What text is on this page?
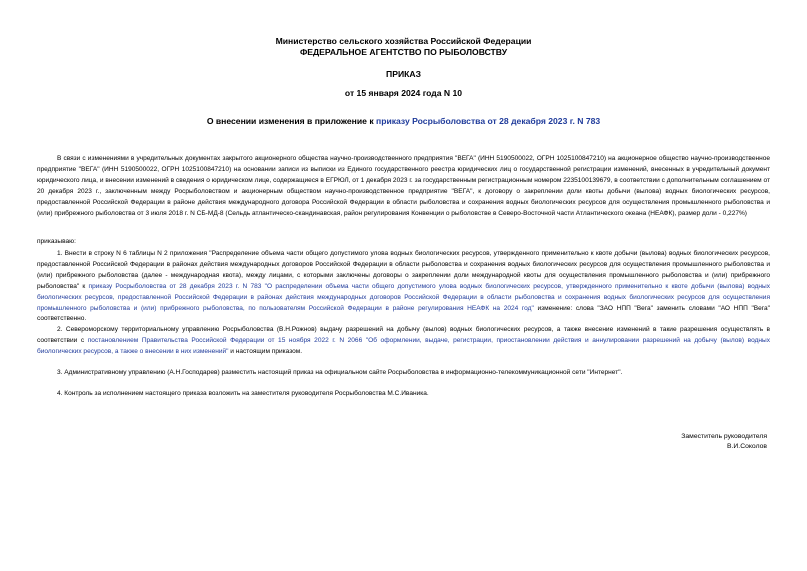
Министерство сельского хозяйства Российской Федерации
ФЕДЕРАЛЬНОЕ АГЕНТСТВО ПО РЫБОЛОВСТВУ
ПРИКАЗ
от 15 января 2024 года N 10
О внесении изменения в приложение к приказу Росрыболовства от 28 декабря 2023 г. N 783
В связи с изменениями в учредительных документах закрытого акционерного общества научно-производственного предприятия "ВЕГА" (ИНН 5190500022, ОГРН 1025100847210) на акционерное общество научно-производственное предприятие "ВЕГА" (ИНН 5190500022, ОГРН 1025100847210) на основании записи из выписки из Единого государственного реестра юридических лиц о государственной регистрации изменений, внесенных в учредительный документ юридического лица, и внесении изменений в сведения о юридическом лице, содержащиеся в ЕГРЮЛ, от 1 декабря 2023 г. за государственным регистрационным номером 2235100139679, в соответствии с дополнительным соглашением от 20 декабря 2023 г., заключенным между Росрыболовством и акционерным обществом научно-производственное предприятие "ВЕГА", к договору о закреплении доли квоты добычи (вылова) водных биологических ресурсов, предоставленной Российской Федерации в районе действия международного договора Российской Федерации в области рыболовства и сохранения водных биологических ресурсов для осуществления промышленного рыболовства и (или) прибрежного рыболовства от 3 июля 2018 г. N СБ-МД-8 (Сельдь атлантическо-скандинавская, район регулирования Конвенции о рыболовстве в Северо-Восточной части Атлантического океана (НЕАФК), размер доли - 0,227%)
приказываю:
1. Внести в строку N 6 таблицы N 2 приложения "Распределение объема части общего допустимого улова водных биологических ресурсов, утвержденного применительно к квоте добычи (вылова) водных биологических ресурсов, предоставленной Российской Федерации в районах действия международных договоров Российской Федерации в области рыболовства и сохранения водных биологических ресурсов для осуществления промышленного рыболовства и (или) прибрежного рыболовства (далее - международная квота), между лицами, с которыми заключены договоры о закреплении доли международной квоты для осуществления промышленного рыболовства и (или) прибрежного рыболовства" к приказу Росрыболовства от 28 декабря 2023 г. N 783 "О распределении объема части общего допустимого улова водных биологических ресурсов, утвержденного применительно к квоте добычи (вылова) водных биологических ресурсов, предоставленной Российской Федерации в районах действия международных договоров Российской Федерации в области рыболовства и сохранения водных биологических ресурсов для осуществления промышленного рыболовства и (или) прибрежного рыболовства, по пользователям Российской Федерации в районе регулирования НЕАФК на 2024 год" изменение: слова "ЗАО НПП "Вега" заменить словами "АО НПП "Вега" соответственно.
2. Североморскому территориальному управлению Росрыболовства (В.Н.Рожнов) выдачу разрешений на добычу (вылов) водных биологических ресурсов, а также внесение изменений в такие разрешения осуществлять в соответствии с постановлением Правительства Российской Федерации от 15 ноября 2022 г. N 2066 "Об оформлении, выдаче, регистрации, приостановлении действия и аннулировании разрешений на добычу (вылов) водных биологических ресурсов, а также о внесении в них изменений" и настоящим приказом.
3. Административному управлению (А.Н.Господарев) разместить настоящий приказ на официальном сайте Росрыболовства в информационно-телекоммуникационной сети "Интернет".
4. Контроль за исполнением настоящего приказа возложить на заместителя руководителя Росрыболовства М.С.Иваника.
Заместитель руководителя
В.И.Соколов
